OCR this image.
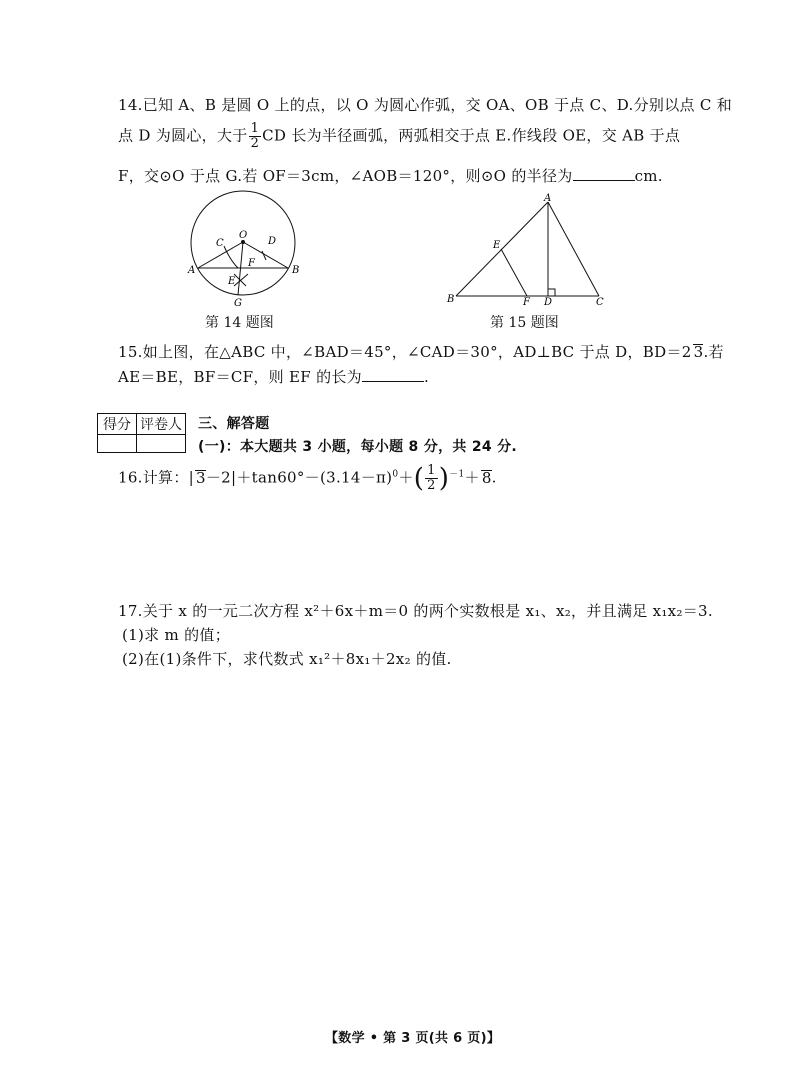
14.已知 A、B 是圆 O 上的点，以 O 为圆心作弧，交 OA、OB 于点 C、D.分别以点 C 和
点 D 为圆心，大于 $\frac{1}{2}$ CD 长为半径画弧，两弧相交于点 E.作线段 OE，交 AB 于点
F，交⊙O 于点 G.若 OF＝3cm，∠AOB＝120°，则⊙O 的半径为	cm.
O
C	D
A	B
E
F
G
第 14 题图
A
E
B	F D	C
第 15 题图
15.如上图，在△ABC 中，∠BAD＝45°，∠CAD＝30°，AD⊥BC 于点 D，BD＝2 3.若
AE＝BE，BF＝CF，则 EF 的长为	.
得分	评卷人
	三、解答题
(一)：本大题共 3 小题，每小题 8 分，共 24 分.
16.计算：| $3-2|+\tan 60^\circ-(3.14-\pi)^0+( \frac{1}{2} )^{-1}+ 8$.
17.关于 x 的一元二次方程 x²＋6x＋m＝0 的两个实数根是 x₁、x₂，并且满足 x₁x₂＝3.
(1)求 m 的值；
(2)在(1)条件下，求代数式 x₁²＋8x₁＋2x₂ 的值.
【数学 • 第 3 页(共 6 页)】
